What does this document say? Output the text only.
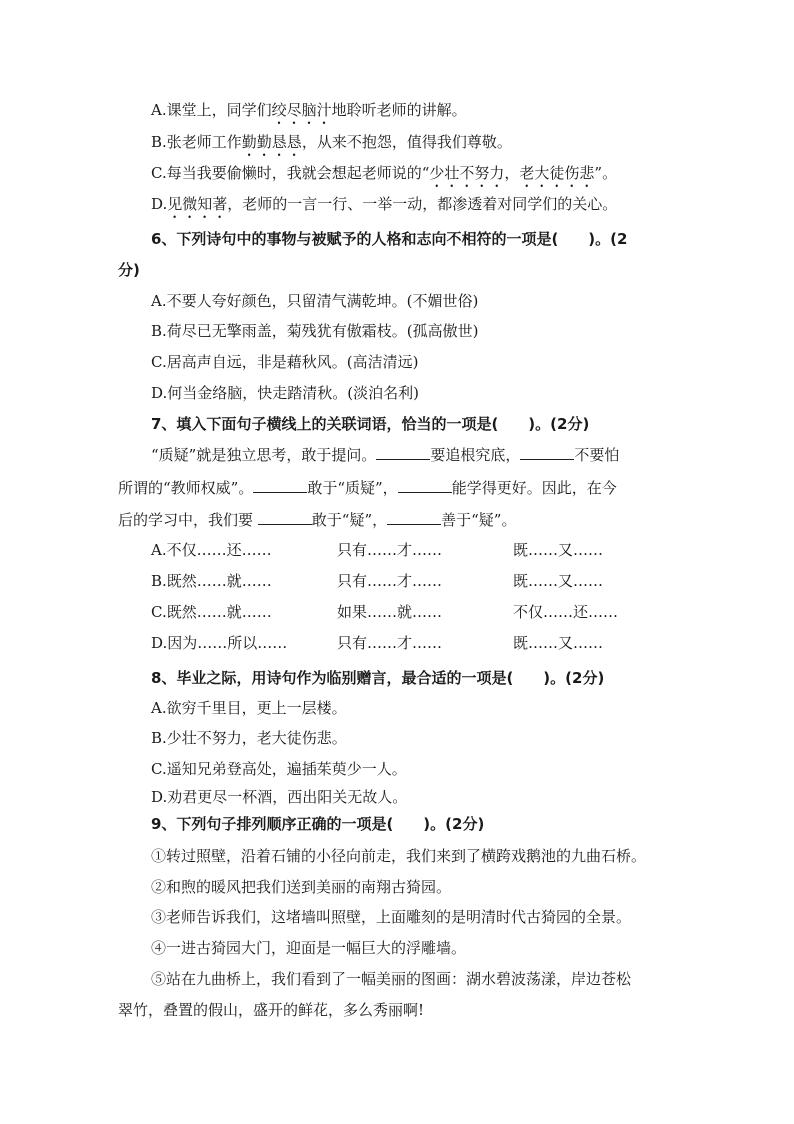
A.课堂上，同学们绞尽脑汁地聆听老师的讲解。
B.张老师工作勤勤恳恳，从来不抱怨，值得我们尊敬。
C.每当我要偷懒时，我就会想起老师说的“少壮不努力，老大徒伤悲”。
D.见微知著，老师的一言一行、一举一动，都渗透着对同学们的关心。
6、下列诗句中的事物与被赋予的人格和志向不相符的一项是(　　)。(2
分)
A.不要人夸好颜色，只留清气满乾坤。(不媚世俗)
B.荷尽已无擎雨盖，菊残犹有傲霜枝。(孤高傲世)
C.居高声自远，非是藉秋风。(高洁清远)
D.何当金络脑，快走踏清秋。(淡泊名利)
7、填入下面句子横线上的关联词语，恰当的一项是(　　)。(2分)
“质疑”就是独立思考，敢于提问。	要追根究底，	不要怕
所谓的“教师权威”。	敢于“质疑”，	能学得更好。因此，在今
后的学习中，我们要	敢于“疑”，	善于“疑”。
A.不仅……还……	只有……才……	既……又……
B.既然……就……	只有……才……	既……又……
C.既然……就……	如果……就……	不仅……还……
D.因为……所以……	只有……才……	既……又……
8、毕业之际，用诗句作为临别赠言，最合适的一项是(　　)。(2分)
A.欲穷千里目，更上一层楼。
B.少壮不努力，老大徒伤悲。
C.遥知兄弟登高处，遍插茱萸少一人。
D.劝君更尽一杯酒，西出阳关无故人。
9、下列句子排列顺序正确的一项是(　　)。(2分)
①转过照壁，沿着石铺的小径向前走，我们来到了横跨戏鹅池的九曲石桥。
②和煦的暖风把我们送到美丽的南翔古猗园。
③老师告诉我们，这堵墙叫照壁，上面雕刻的是明清时代古猗园的全景。
④一进古猗园大门，迎面是一幅巨大的浮雕墙。
⑤站在九曲桥上，我们看到了一幅美丽的图画：湖水碧波荡漾，岸边苍松
翠竹，叠置的假山，盛开的鲜花，多么秀丽啊!
